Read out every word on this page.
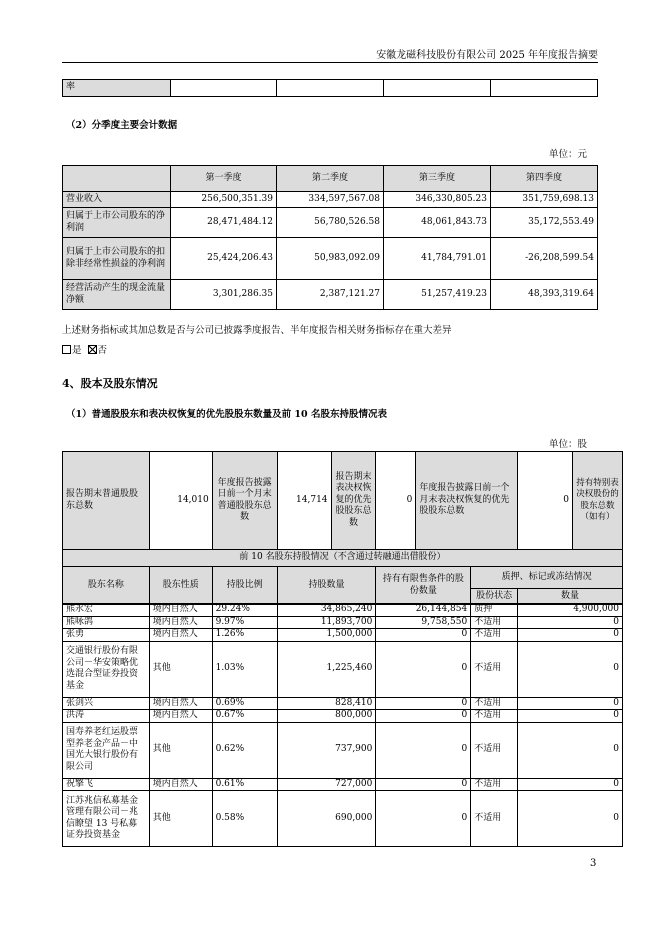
安徽龙磁科技股份有限公司 2025 年年度报告摘要
率				
（2）分季度主要会计数据
单位：元
	第一季度	第二季度	第三季度	第四季度
营业收入	256,500,351.39	334,597,567.08	346,330,805.23	351,759,698.13
归属于上市公司股东的净利润	28,471,484.12	56,780,526.58	48,061,843.73	35,172,553.49
归属于上市公司股东的扣除非经常性损益的净利润	25,424,206.43	50,983,092.09	41,784,791.01	-26,208,599.54
经营活动产生的现金流量净额	3,301,286.35	2,387,121.27	51,257,419.23	48,393,319.64
上述财务指标或其加总数是否与公司已披露季度报告、半年度报告相关财务指标存在重大差异
是 否
4、股本及股东情况
（1）普通股股东和表决权恢复的优先股股东数量及前 10 名股东持股情况表
单位：股
报告期末普通股股东总数	14,010	年度报告披露日前一个月末普通股股东总数	14,714	报告期末表决权恢复的优先股股东总数	0	年度报告披露日前一个月末表决权恢复的优先股股东总数		0	持有特别表决权股份的股东总数（如有）
前 10 名股东持股情况（不含通过转融通出借股份）									
股东名称	股东性质	持股比例	持股数量		持有有限售条件的股份数量		质押、标记或冻结情况		
							股份状态	数量	
熊永宏	境内自然人	29.24%	34,865,240	26,144,854	质押	4,900,000
熊咏鸽	境内自然人	9.97%	11,893,700	9,758,550	不适用	0
张勇	境内自然人	1.26%	1,500,000	0	不适用	0
交通银行股份有限公司－华安策略优选混合型证券投资基金	其他	1.03%	1,225,460	0	不适用	0
张剑兴	境内自然人	0.69%	828,410	0	不适用	0
洪涛	境内自然人	0.67%	800,000	0	不适用	0
国寿养老红运股票型养老金产品－中国光大银行股份有限公司	其他	0.62%	737,900	0	不适用	0
祝擎飞	境内自然人	0.61%	727,000	0	不适用	0
江苏兆信私募基金管理有限公司－兆信瞭望 13 号私募证券投资基金	其他	0.58%	690,000	0	不适用	0
3
